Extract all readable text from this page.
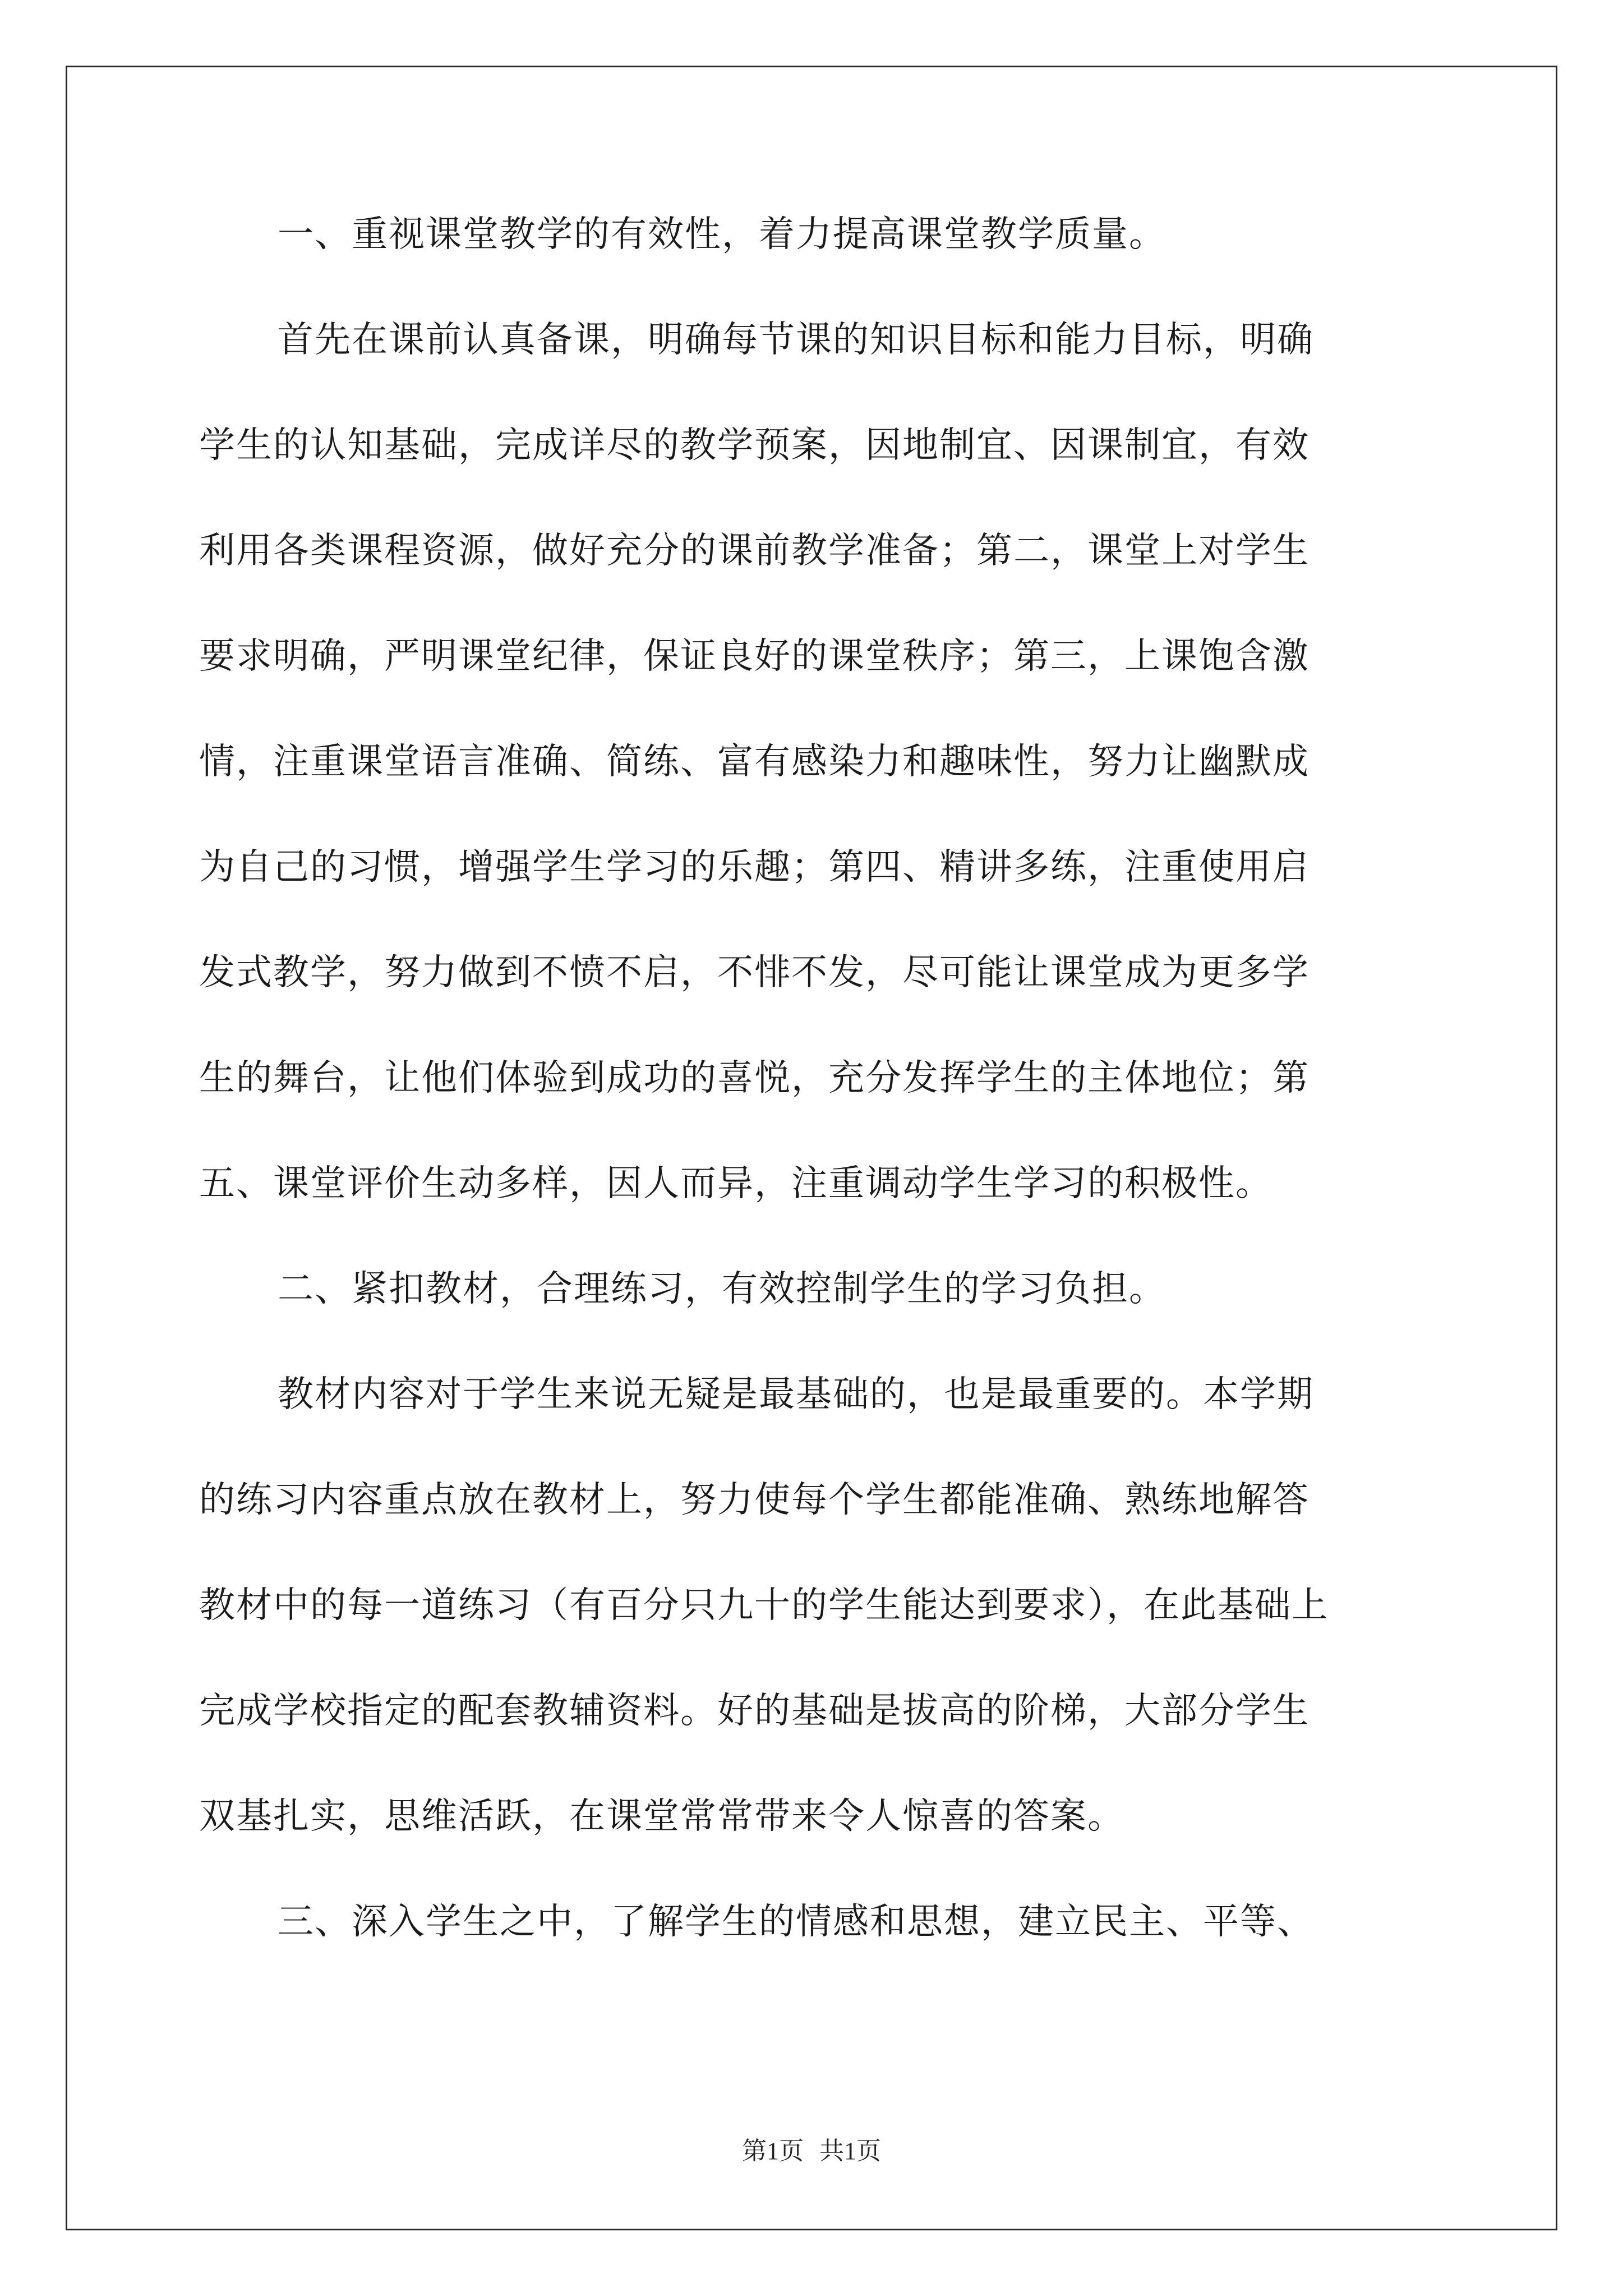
一、重视课堂教学的有效性，着力提高课堂教学质量。
首先在课前认真备课，明确每节课的知识目标和能力目标，明确
学生的认知基础，完成详尽的教学预案，因地制宜、因课制宜，有效
利用各类课程资源，做好充分的课前教学准备；第二，课堂上对学生
要求明确，严明课堂纪律，保证良好的课堂秩序；第三，上课饱含激
情，注重课堂语言准确、简练、富有感染力和趣味性，努力让幽默成
为自己的习惯，增强学生学习的乐趣；第四、精讲多练，注重使用启
发式教学，努力做到不愤不启，不悱不发，尽可能让课堂成为更多学
生的舞台，让他们体验到成功的喜悦，充分发挥学生的主体地位；第
五、课堂评价生动多样，因人而异，注重调动学生学习的积极性。
二、紧扣教材，合理练习，有效控制学生的学习负担。
教材内容对于学生来说无疑是最基础的，也是最重要的。本学期
的练习内容重点放在教材上，努力使每个学生都能准确、熟练地解答
教材中的每一道练习（有百分只九十的学生能达到要求），在此基础上
完成学校指定的配套教辅资料。好的基础是拔高的阶梯，大部分学生
双基扎实，思维活跃，在课堂常常带来令人惊喜的答案。
三、深入学生之中，了解学生的情感和思想，建立民主、平等、
第1页 共1页
